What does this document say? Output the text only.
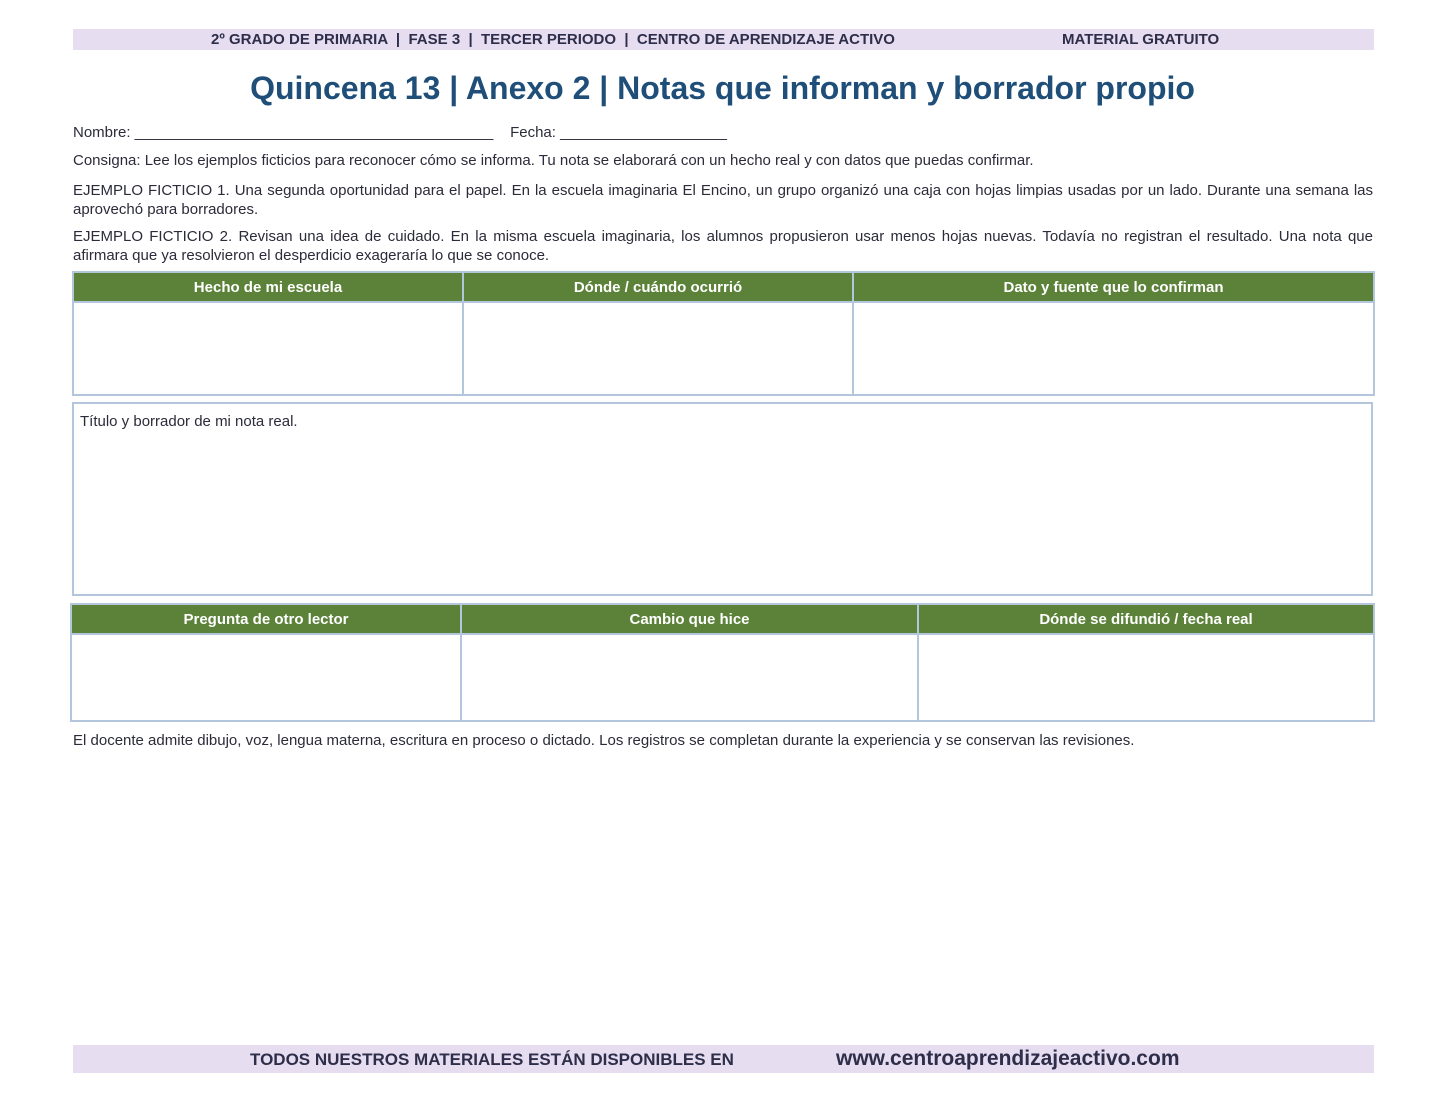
2º GRADO DE PRIMARIA  |  FASE 3  |  TERCER PERIODO  |  CENTRO DE APRENDIZAJE ACTIVO	MATERIAL GRATUITO
Quincena 13 | Anexo 2 | Notas que informan y borrador propio
Nombre: ___________________________________________    Fecha: ____________________
Consigna: Lee los ejemplos ficticios para reconocer cómo se informa. Tu nota se elaborará con un hecho real y con datos que puedas confirmar.
EJEMPLO FICTICIO 1. Una segunda oportunidad para el papel. En la escuela imaginaria El Encino, un grupo organizó una caja con hojas limpias usadas por un lado. Durante una semana las aprovechó para borradores.
EJEMPLO FICTICIO 2. Revisan una idea de cuidado. En la misma escuela imaginaria, los alumnos propusieron usar menos hojas nuevas. Todavía no registran el resultado. Una nota que afirmara que ya resolvieron el desperdicio exageraría lo que se conoce.
Hecho de mi escuela	Dónde / cuándo ocurrió	Dato y fuente que lo confirman

Título y borrador de mi nota real.
Pregunta de otro lector	Cambio que hice	Dónde se difundió / fecha real

El docente admite dibujo, voz, lengua materna, escritura en proceso o dictado. Los registros se completan durante la experiencia y se conservan las revisiones.
TODOS NUESTROS MATERIALES ESTÁN DISPONIBLES EN	www.centroaprendizajeactivo.com
